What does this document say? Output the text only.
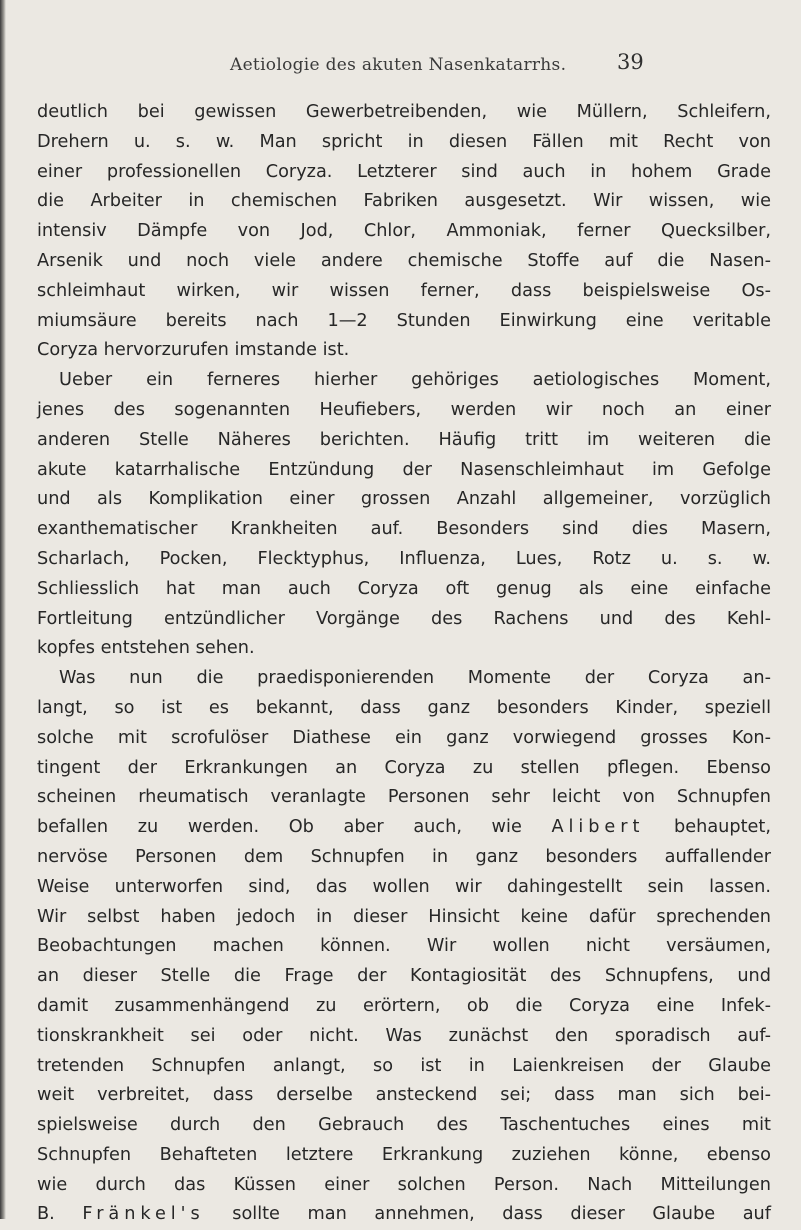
Aetiologie des akuten Nasenkatarrhs. 39
deutlich bei gewissen Gewerbetreibenden, wie Müllern, Schleifern,
Drehern u. s. w. Man spricht in diesen Fällen mit Recht von
einer professionellen Coryza. Letzterer sind auch in hohem Grade
die Arbeiter in chemischen Fabriken ausgesetzt. Wir wissen, wie
intensiv Dämpfe von Jod, Chlor, Ammoniak, ferner Quecksilber,
Arsenik und noch viele andere chemische Stoffe auf die Nasen-
schleimhaut wirken, wir wissen ferner, dass beispielsweise Os-
miumsäure bereits nach 1—2 Stunden Einwirkung eine veritable
Coryza hervorzurufen imstande ist.
Ueber ein ferneres hierher gehöriges aetiologisches Moment,
jenes des sogenannten Heufiebers, werden wir noch an einer
anderen Stelle Näheres berichten. Häufig tritt im weiteren die
akute katarrhalische Entzündung der Nasenschleimhaut im Gefolge
und als Komplikation einer grossen Anzahl allgemeiner, vorzüglich
exanthematischer Krankheiten auf. Besonders sind dies Masern,
Scharlach, Pocken, Flecktyphus, Influenza, Lues, Rotz u. s. w.
Schliesslich hat man auch Coryza oft genug als eine einfache
Fortleitung entzündlicher Vorgänge des Rachens und des Kehl-
kopfes entstehen sehen.
Was nun die praedisponierenden Momente der Coryza an-
langt, so ist es bekannt, dass ganz besonders Kinder, speziell
solche mit scrofulöser Diathese ein ganz vorwiegend grosses Kon-
tingent der Erkrankungen an Coryza zu stellen pflegen. Ebenso
scheinen rheumatisch veranlagte Personen sehr leicht von Schnupfen
befallen zu werden. Ob aber auch, wie Alibert behauptet,
nervöse Personen dem Schnupfen in ganz besonders auffallender
Weise unterworfen sind, das wollen wir dahingestellt sein lassen.
Wir selbst haben jedoch in dieser Hinsicht keine dafür sprechenden
Beobachtungen machen können. Wir wollen nicht versäumen,
an dieser Stelle die Frage der Kontagiosität des Schnupfens, und
damit zusammenhängend zu erörtern, ob die Coryza eine Infek-
tionskrankheit sei oder nicht. Was zunächst den sporadisch auf-
tretenden Schnupfen anlangt, so ist in Laienkreisen der Glaube
weit verbreitet, dass derselbe ansteckend sei; dass man sich bei-
spielsweise durch den Gebrauch des Taschentuches eines mit
Schnupfen Behafteten letztere Erkrankung zuziehen könne, ebenso
wie durch das Küssen einer solchen Person. Nach Mitteilungen
B. Fränkel's sollte man annehmen, dass dieser Glaube auf
